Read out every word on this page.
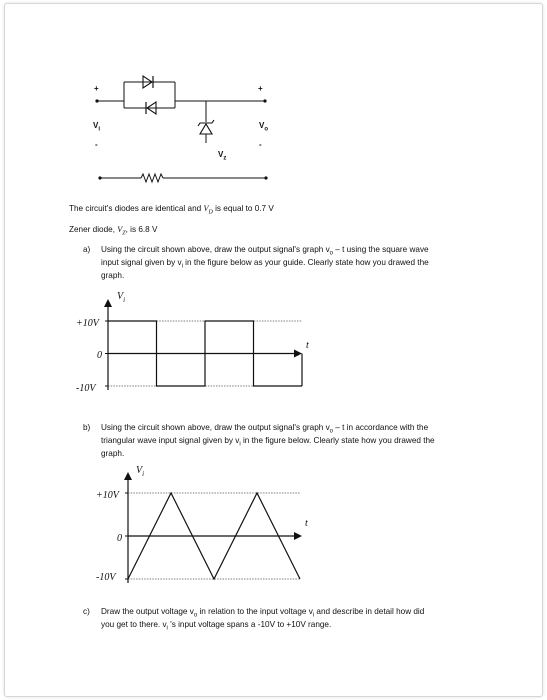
+	+
-	-
$V_i$	$V_o$
$V_z$
The circuit's diodes are identical and $V_D$ is equal to 0.7 V
Zener diode, $V_Z$, is 6.8 V
a) Using the circuit shown above, draw the output signal's graph $v_o$ – t using the square wave
input signal given by $v_i$ in the figure below as your guide. Clearly state how you drawed the
graph.
$V_i$
t
+10V
0
-10V
b) Using the circuit shown above, draw the output signal's graph $v_o$ – t in accordance with the
triangular wave input signal given by $v_i$ in the figure below. Clearly state how you drawed the
graph.
$V_i$
t
+10V
0
-10V
c) Draw the output voltage $v_o$ in relation to the input voltage $v_i$ and describe in detail how did
you get to there. $v_i$ 's input voltage spans a -10V to +10V range.
